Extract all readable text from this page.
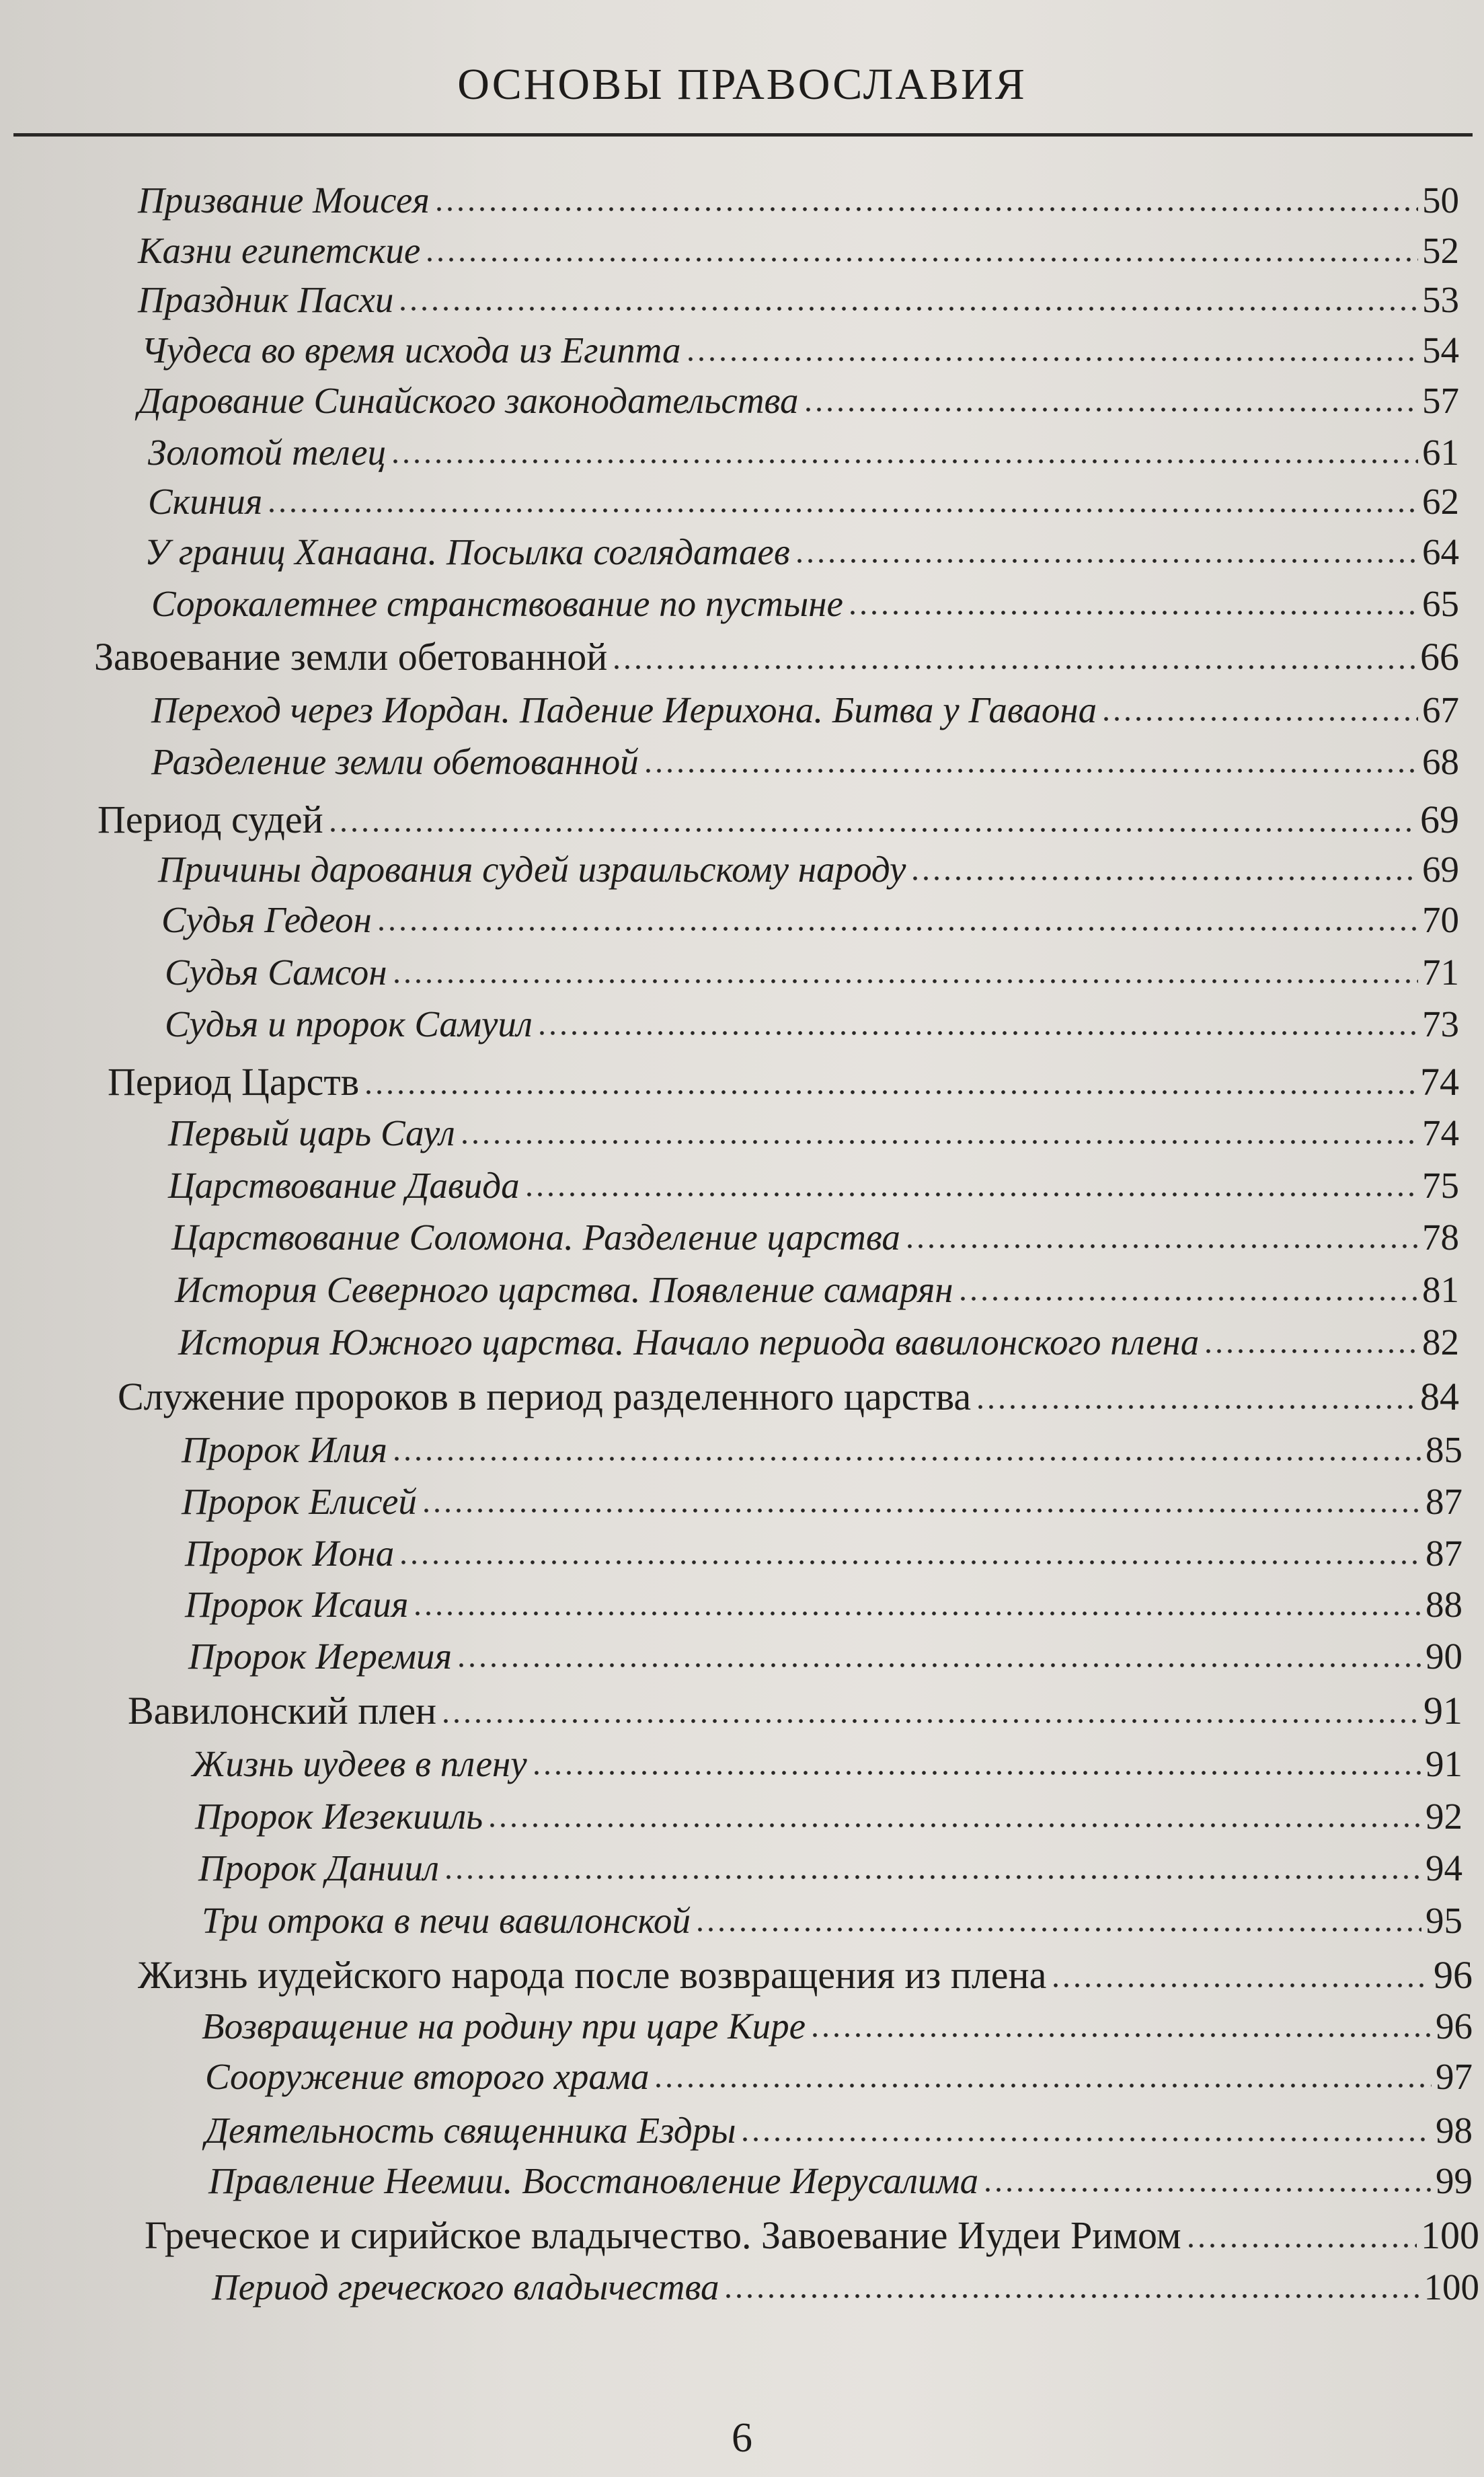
ОСНОВЫ ПРАВОСЛАВИЯ
Призвание Моисея	50
Казни египетские	52
Праздник Пасхи	53
Чудеса во время исхода из Египта	54
Дарование Синайского законодательства	57
Золотой телец	61
Скиния	62
У границ Ханаана. Посылка соглядатаев	64
Сорокалетнее странствование по пустыне	65
Завоевание земли обетованной	66
Переход через Иордан. Падение Иерихона. Битва у Гаваона	67
Разделение земли обетованной	68
Период судей	69
Причины дарования судей израильскому народу	69
Судья Гедеон	70
Судья Самсон	71
Судья и пророк Самуил	73
Период Царств	74
Первый царь Саул	74
Царствование Давида	75
Царствование Соломона. Разделение царства	78
История Северного царства. Появление самарян	81
История Южного царства. Начало периода вавилонского плена	82
Служение пророков в период разделенного царства	84
Пророк Илия	85
Пророк Елисей	87
Пророк Иона	87
Пророк Исаия	88
Пророк Иеремия	90
Вавилонский плен	91
Жизнь иудеев в плену	91
Пророк Иезекииль	92
Пророк Даниил	94
Три отрока в печи вавилонской	95
Жизнь иудейского народа после возвращения из плена	96
Возвращение на родину при царе Кире	96
Сооружение второго храма	97
Деятельность священника Ездры	98
Правление Неемии. Восстановление Иерусалима	99
Греческое и сирийское владычество. Завоевание Иудеи Римом	100
Период греческого владычества	100
6
